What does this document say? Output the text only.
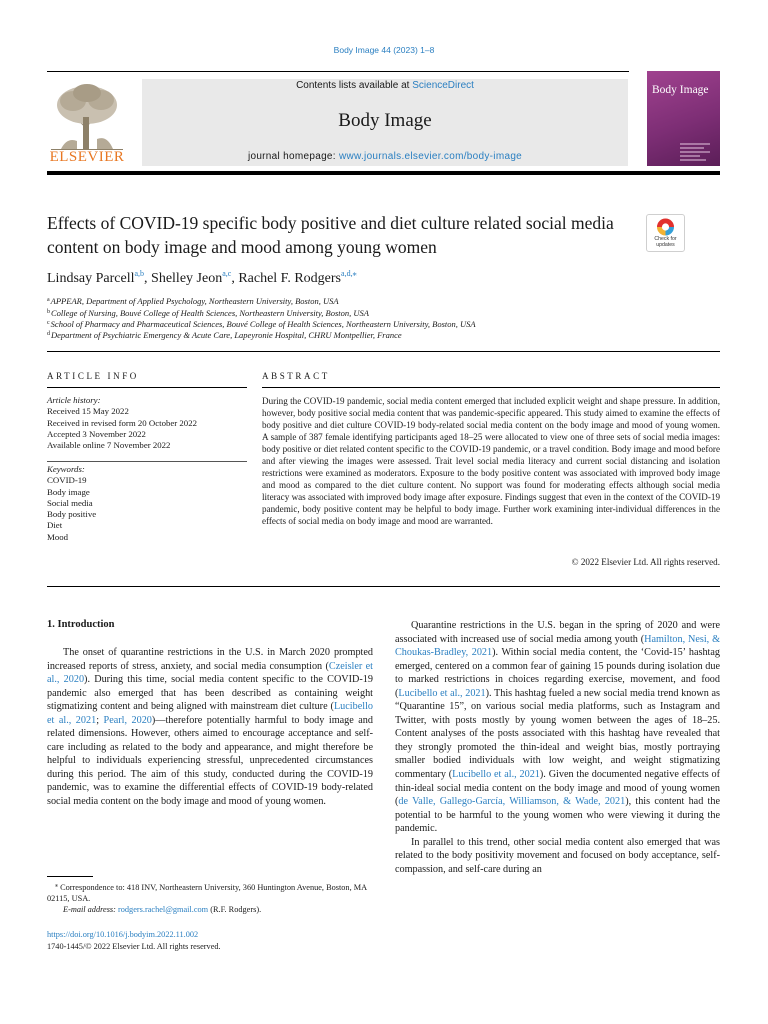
Body Image 44 (2023) 1–8
ELSEVIER
Contents lists available at ScienceDirect
Body Image
journal homepage: www.journals.elsevier.com/body-image
Body Image
Effects of COVID-19 specific body positive and diet culture related social media content on body image and mood among young women	Check for
updates
Lindsay Parcell$^{a,b}$, Shelley Jeon$^{a,c}$, Rachel F. Rodgers$^{a,d,⁎}$
$^a$APPEAR, Department of Applied Psychology, Northeastern University, Boston, USA
$^b$College of Nursing, Bouvé College of Health Sciences, Northeastern University, Boston, USA
$^c$School of Pharmacy and Pharmaceutical Sciences, Bouvé College of Health Sciences, Northeastern University, Boston, USA
$^d$Department of Psychiatric Emergency & Acute Care, Lapeyronie Hospital, CHRU Montpellier, France
ARTICLE INFO
Article history:
Received 15 May 2022
Received in revised form 20 October 2022
Accepted 3 November 2022
Available online 7 November 2022
Keywords:
COVID-19
Body image
Social media
Body positive
Diet
Mood
ABSTRACT
During the COVID-19 pandemic, social media content emerged that included explicit weight and shape pressure. In addition, however, body positive social media content that was pandemic-specific appeared. This study aimed to examine the effects of body positive and diet culture COVID-19 body-related social media content on the body image and mood of young women. A sample of 387 female identifying participants aged 18–25 were allocated to view one of three sets of social media images: body positive or diet related content specific to the COVID-19 pandemic, or a travel condition. Body image and mood before and after viewing the images were assessed. Trait level social media literacy and current social distancing and isolation restrictions were examined as moderators. Exposure to the body positive content was associated with improved body image and mood as compared to the diet culture content. No support was found for moderating effects although social media literacy was associated with improved body image after exposure. Findings suggest that even in the context of the COVID-19 pandemic, body positive content may be helpful to body image. Further work examining inter-individual differences in the effects of social media on body image and mood are warranted.
© 2022 Elsevier Ltd. All rights reserved.
1. Introduction

The onset of quarantine restrictions in the U.S. in March 2020 prompted increased reports of stress, anxiety, and social media consumption (Czeisler et al., 2020). During this time, social media content specific to the COVID-19 pandemic also emerged that has been described as containing weight stigmatizing content and being aligned with mainstream diet culture (Lucibello et al., 2021; Pearl, 2020)—therefore potentially harmful to body image and related dimensions. However, others aimed to encourage acceptance and self-care including as related to the body and appearance, and might therefore be helpful to individuals experiencing stressful, unprecedented circumstances during this period. The aim of this study, conducted during the COVID-19 pandemic, was to examine the differential effects of COVID-19 body-related social media content on the body image and mood of young women.

⁎ Correspondence to: 418 INV, Northeastern University, 360 Huntington Avenue, Boston, MA 02115, USA.
E-mail address: rodgers.rachel@gmail.com (R.F. Rodgers).
https://doi.org/10.1016/j.bodyim.2022.11.002
1740-1445/© 2022 Elsevier Ltd. All rights reserved.

Quarantine restrictions in the U.S. began in the spring of 2020 and were associated with increased use of social media among youth (Hamilton, Nesi, & Choukas-Bradley, 2021). Within social media content, the ‘Covid-15’ hashtag emerged, centered on a common fear of gaining 15 pounds during isolation due to marked restrictions in choices regarding exercise, movement, and food (Lucibello et al., 2021). This hashtag fueled a new social media trend known as “Quarantine 15”, on various social media platforms, such as Instagram and Twitter, with posts mostly by young women between the ages of 18–25. Content analyses of the posts associated with this hashtag have revealed that they strongly promoted the thin-ideal and weight bias, mostly portraying smaller bodied individuals with low weight, and weight stigmatizing commentary (Lucibello et al., 2021). Given the documented negative effects of thin-ideal social media content on the body image and mood of young women (de Valle, Gallego-García, Williamson, & Wade, 2021), this content had the potential to be harmful to the young women who were viewing it during the pandemic.

In parallel to this trend, other social media content also emerged that was related to the body positivity movement and focused on body acceptance, self-compassion, and self-care during an
